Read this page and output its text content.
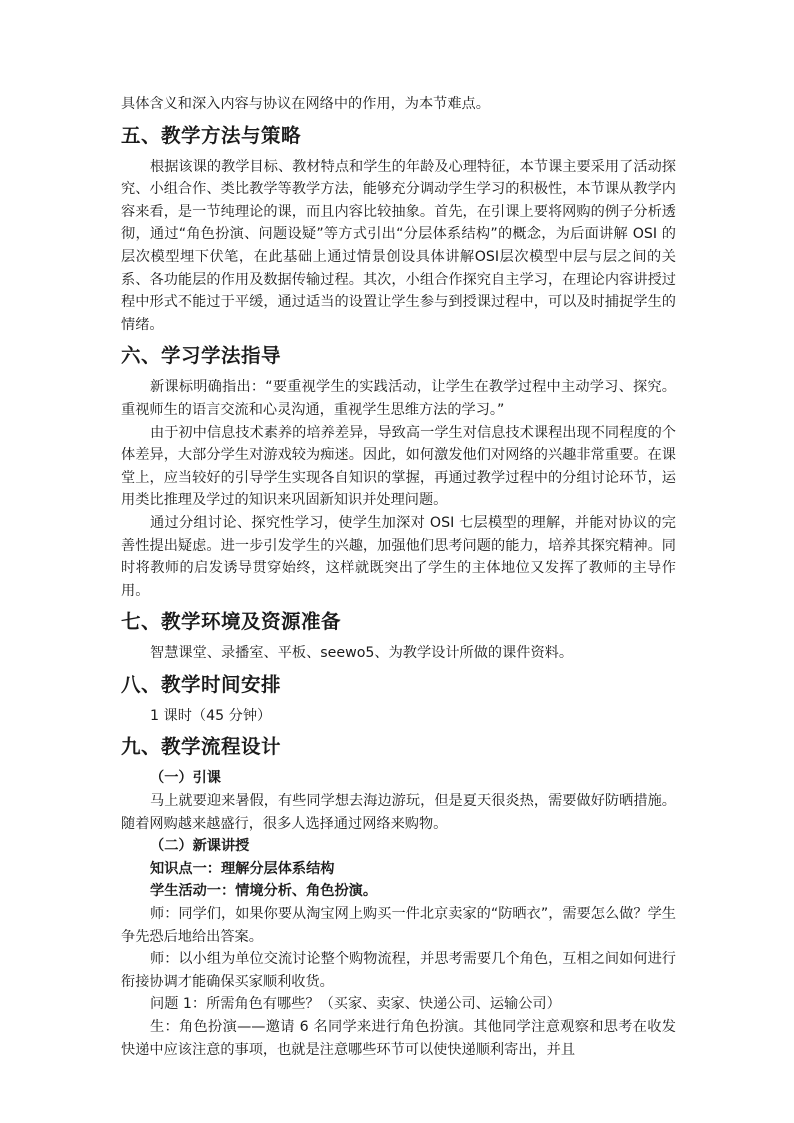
具体含义和深入内容与协议在网络中的作用，为本节难点。

五、教学方法与策略

根据该课的教学目标、教材特点和学生的年龄及心理特征，本节课主要采用了活动探究、小组合作、类比教学等教学方法，能够充分调动学生学习的积极性，本节课从教学内容来看，是一节纯理论的课，而且内容比较抽象。首先，在引课上要将网购的例子分析透彻，通过“角色扮演、问题设疑”等方式引出“分层体系结构”的概念，为后面讲解 OSI 的层次模型埋下伏笔，在此基础上通过情景创设具体讲解OSI层次模型中层与层之间的关系、各功能层的作用及数据传输过程。其次，小组合作探究自主学习，在理论内容讲授过程中形式不能过于平缓，通过适当的设置让学生参与到授课过程中，可以及时捕捉学生的情绪。

六、学习学法指导

新课标明确指出：“要重视学生的实践活动，让学生在教学过程中主动学习、探究。重视师生的语言交流和心灵沟通，重视学生思维方法的学习。”

由于初中信息技术素养的培养差异，导致高一学生对信息技术课程出现不同程度的个体差异，大部分学生对游戏较为痴迷。因此，如何激发他们对网络的兴趣非常重要。在课堂上，应当较好的引导学生实现各自知识的掌握，再通过教学过程中的分组讨论环节，运用类比推理及学过的知识来巩固新知识并处理问题。

通过分组讨论、探究性学习，使学生加深对 OSI 七层模型的理解，并能对协议的完善性提出疑虑。进一步引发学生的兴趣，加强他们思考问题的能力，培养其探究精神。同时将教师的启发诱导贯穿始终，这样就既突出了学生的主体地位又发挥了教师的主导作用。

七、教学环境及资源准备

智慧课堂、录播室、平板、seewo5、为教学设计所做的课件资料。

八、教学时间安排

1 课时（45 分钟）

九、教学流程设计

（一）引课

马上就要迎来暑假，有些同学想去海边游玩，但是夏天很炎热，需要做好防晒措施。随着网购越来越盛行，很多人选择通过网络来购物。

（二）新课讲授

知识点一：理解分层体系结构

学生活动一：情境分析、角色扮演。

师：同学们，如果你要从淘宝网上购买一件北京卖家的“防晒衣”，需要怎么做？学生争先恐后地给出答案。

师：以小组为单位交流讨论整个购物流程，并思考需要几个角色，互相之间如何进行衔接协调才能确保买家顺利收货。

问题 1：所需角色有哪些？（买家、卖家、快递公司、运输公司）

生：角色扮演——邀请 6 名同学来进行角色扮演。其他同学注意观察和思考在收发快递中应该注意的事项，也就是注意哪些环节可以使快递顺利寄出，并且
